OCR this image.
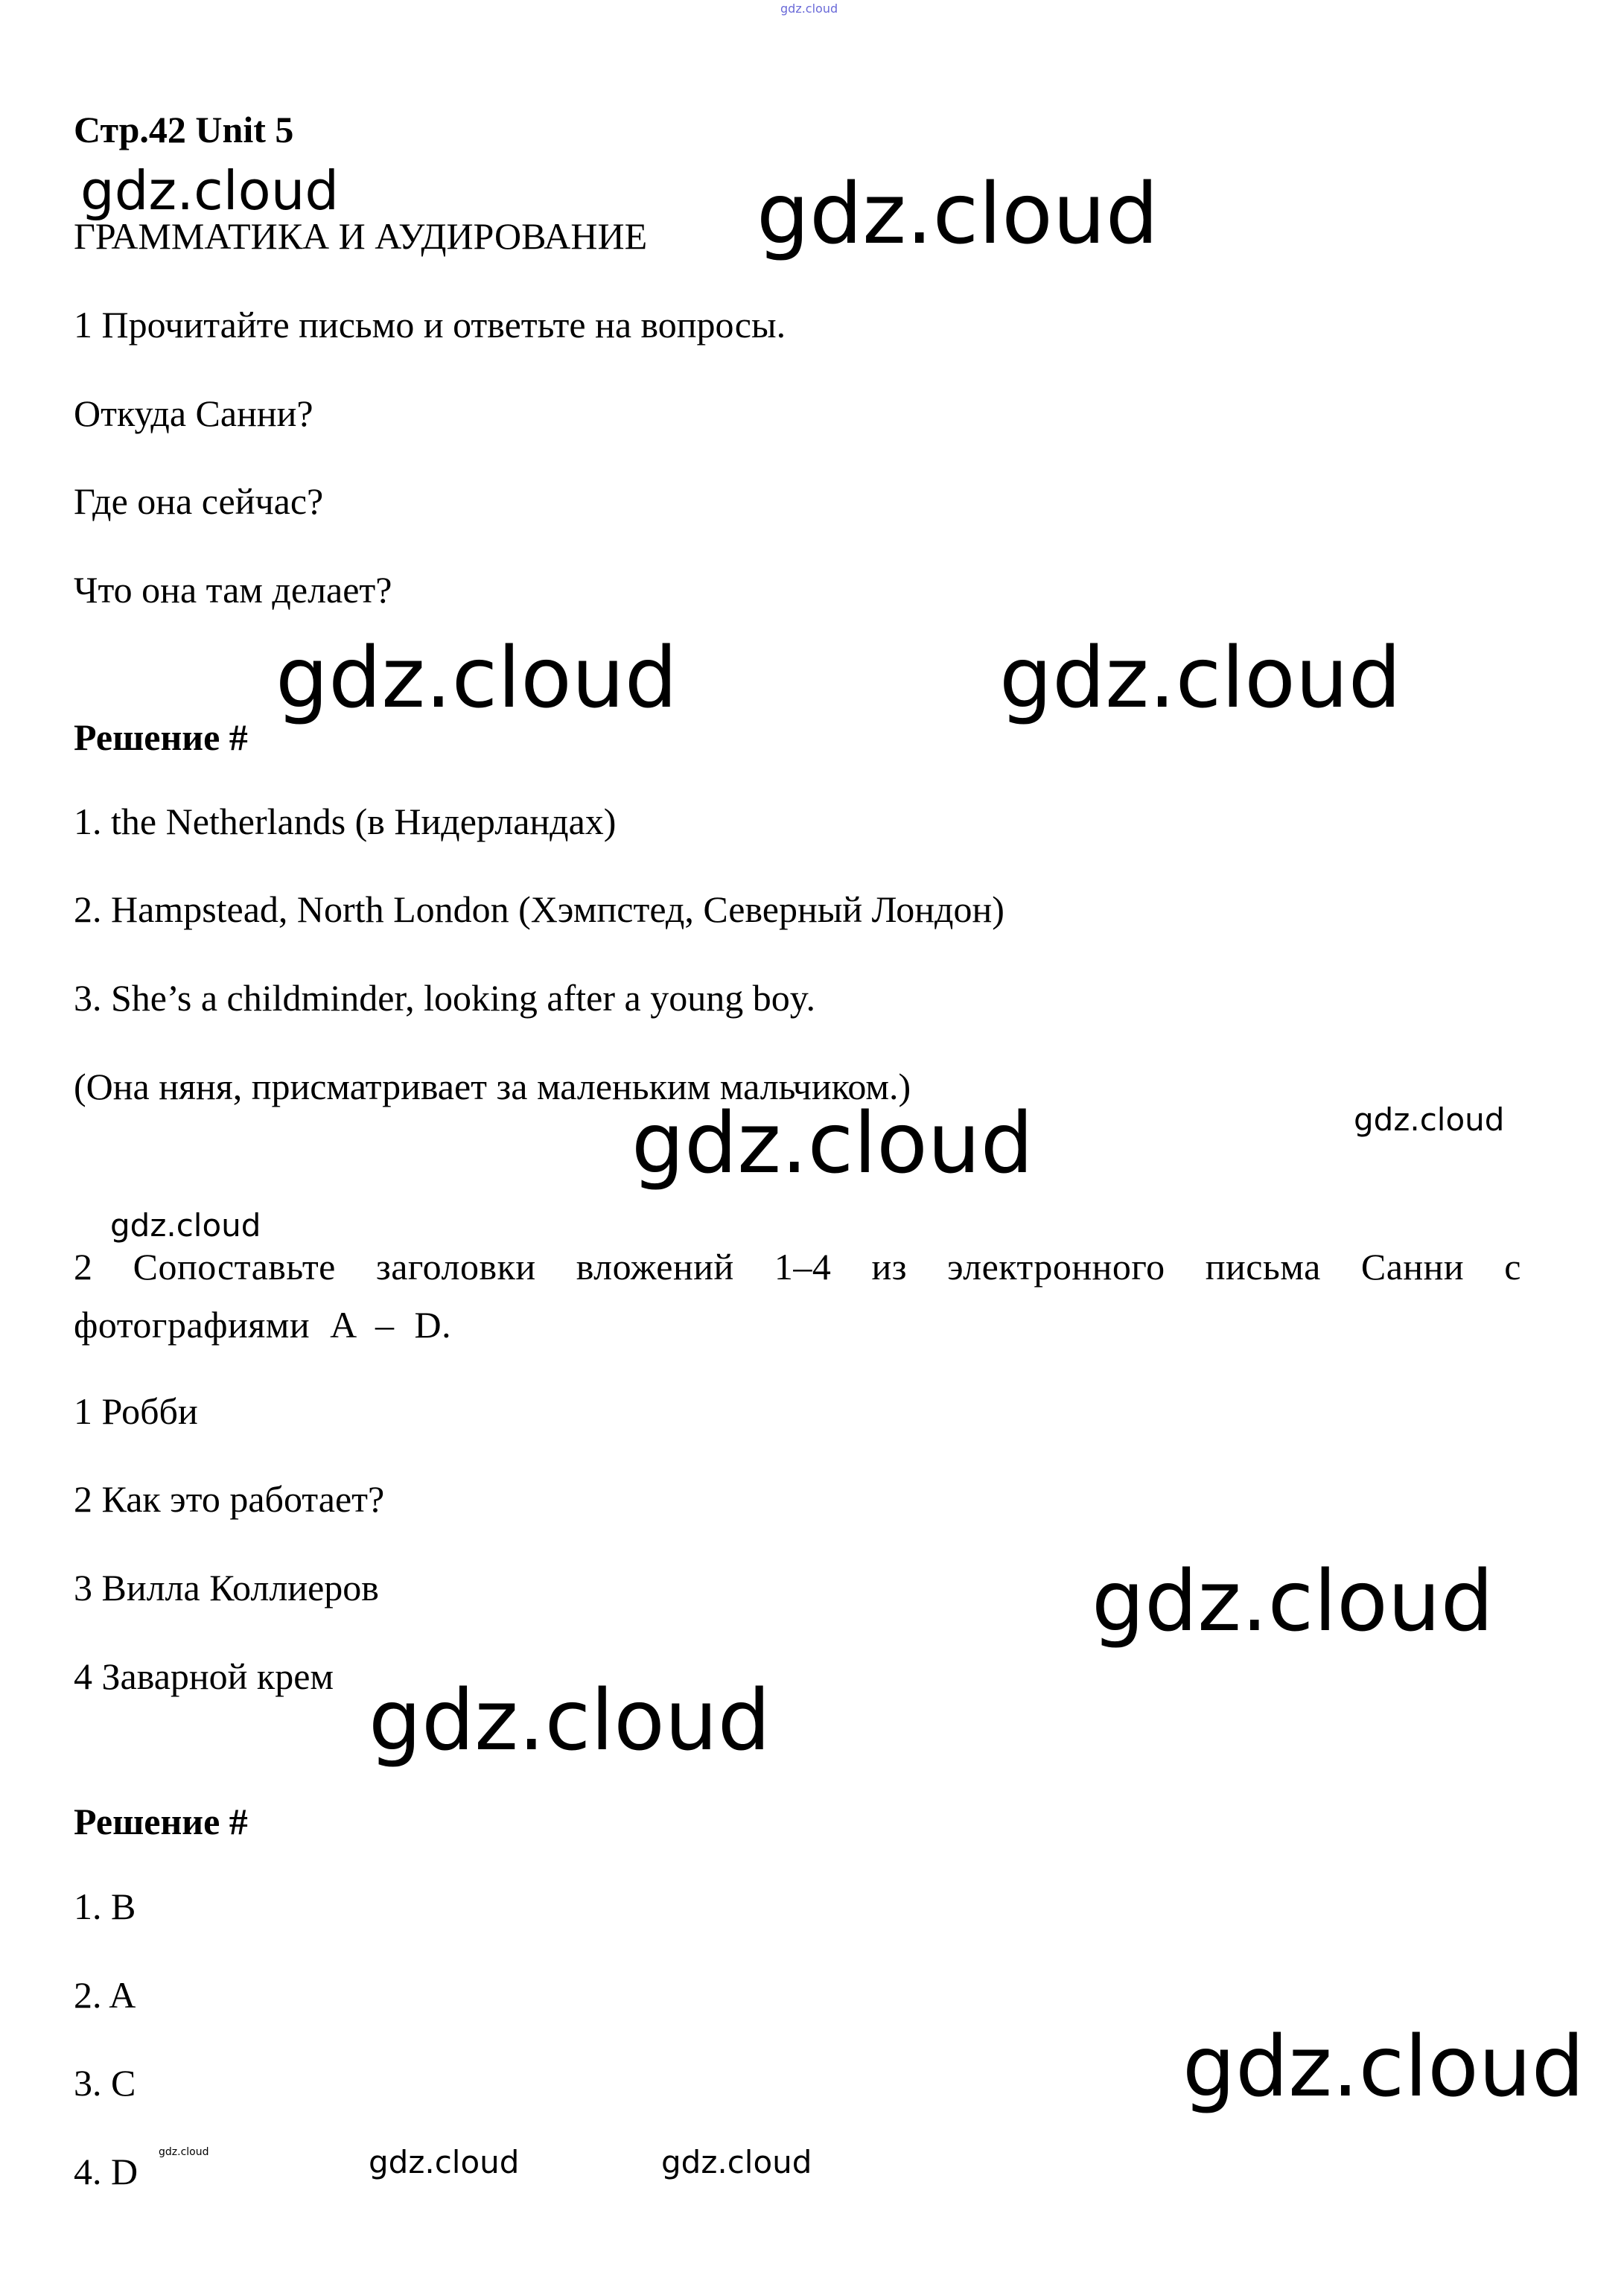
gdz.cloud
Стр.42 Unit 5
ГРАММАТИКА И АУДИРОВАНИЕ
1 Прочитайте письмо и ответьте на вопросы.
Откуда Санни?
Где она сейчас?
Что она там делает?
Решение #
1. the Netherlands (в Нидерландах)
2. Hampstead, North London (Хэмпстед, Северный Лондон)
3. She’s a childminder, looking after a young boy.
(Она няня, присматривает за маленьким мальчиком.)
2 Сопоставьте заголовки вложений 1–4 из электронного письма Санни с фотографиями A – D.
1 Робби
2 Как это работает?
3 Вилла Коллиеров
4 Заварной крем
Решение #
1. B
2. A
3. C
4. D
gdz.cloud	gdz.cloud
gdz.cloud	gdz.cloud
gdz.cloud	gdz.cloud
gdz.cloud
gdz.cloud
gdz.cloud
gdz.cloud
gdz.cloud	gdz.cloud	gdz.cloud
